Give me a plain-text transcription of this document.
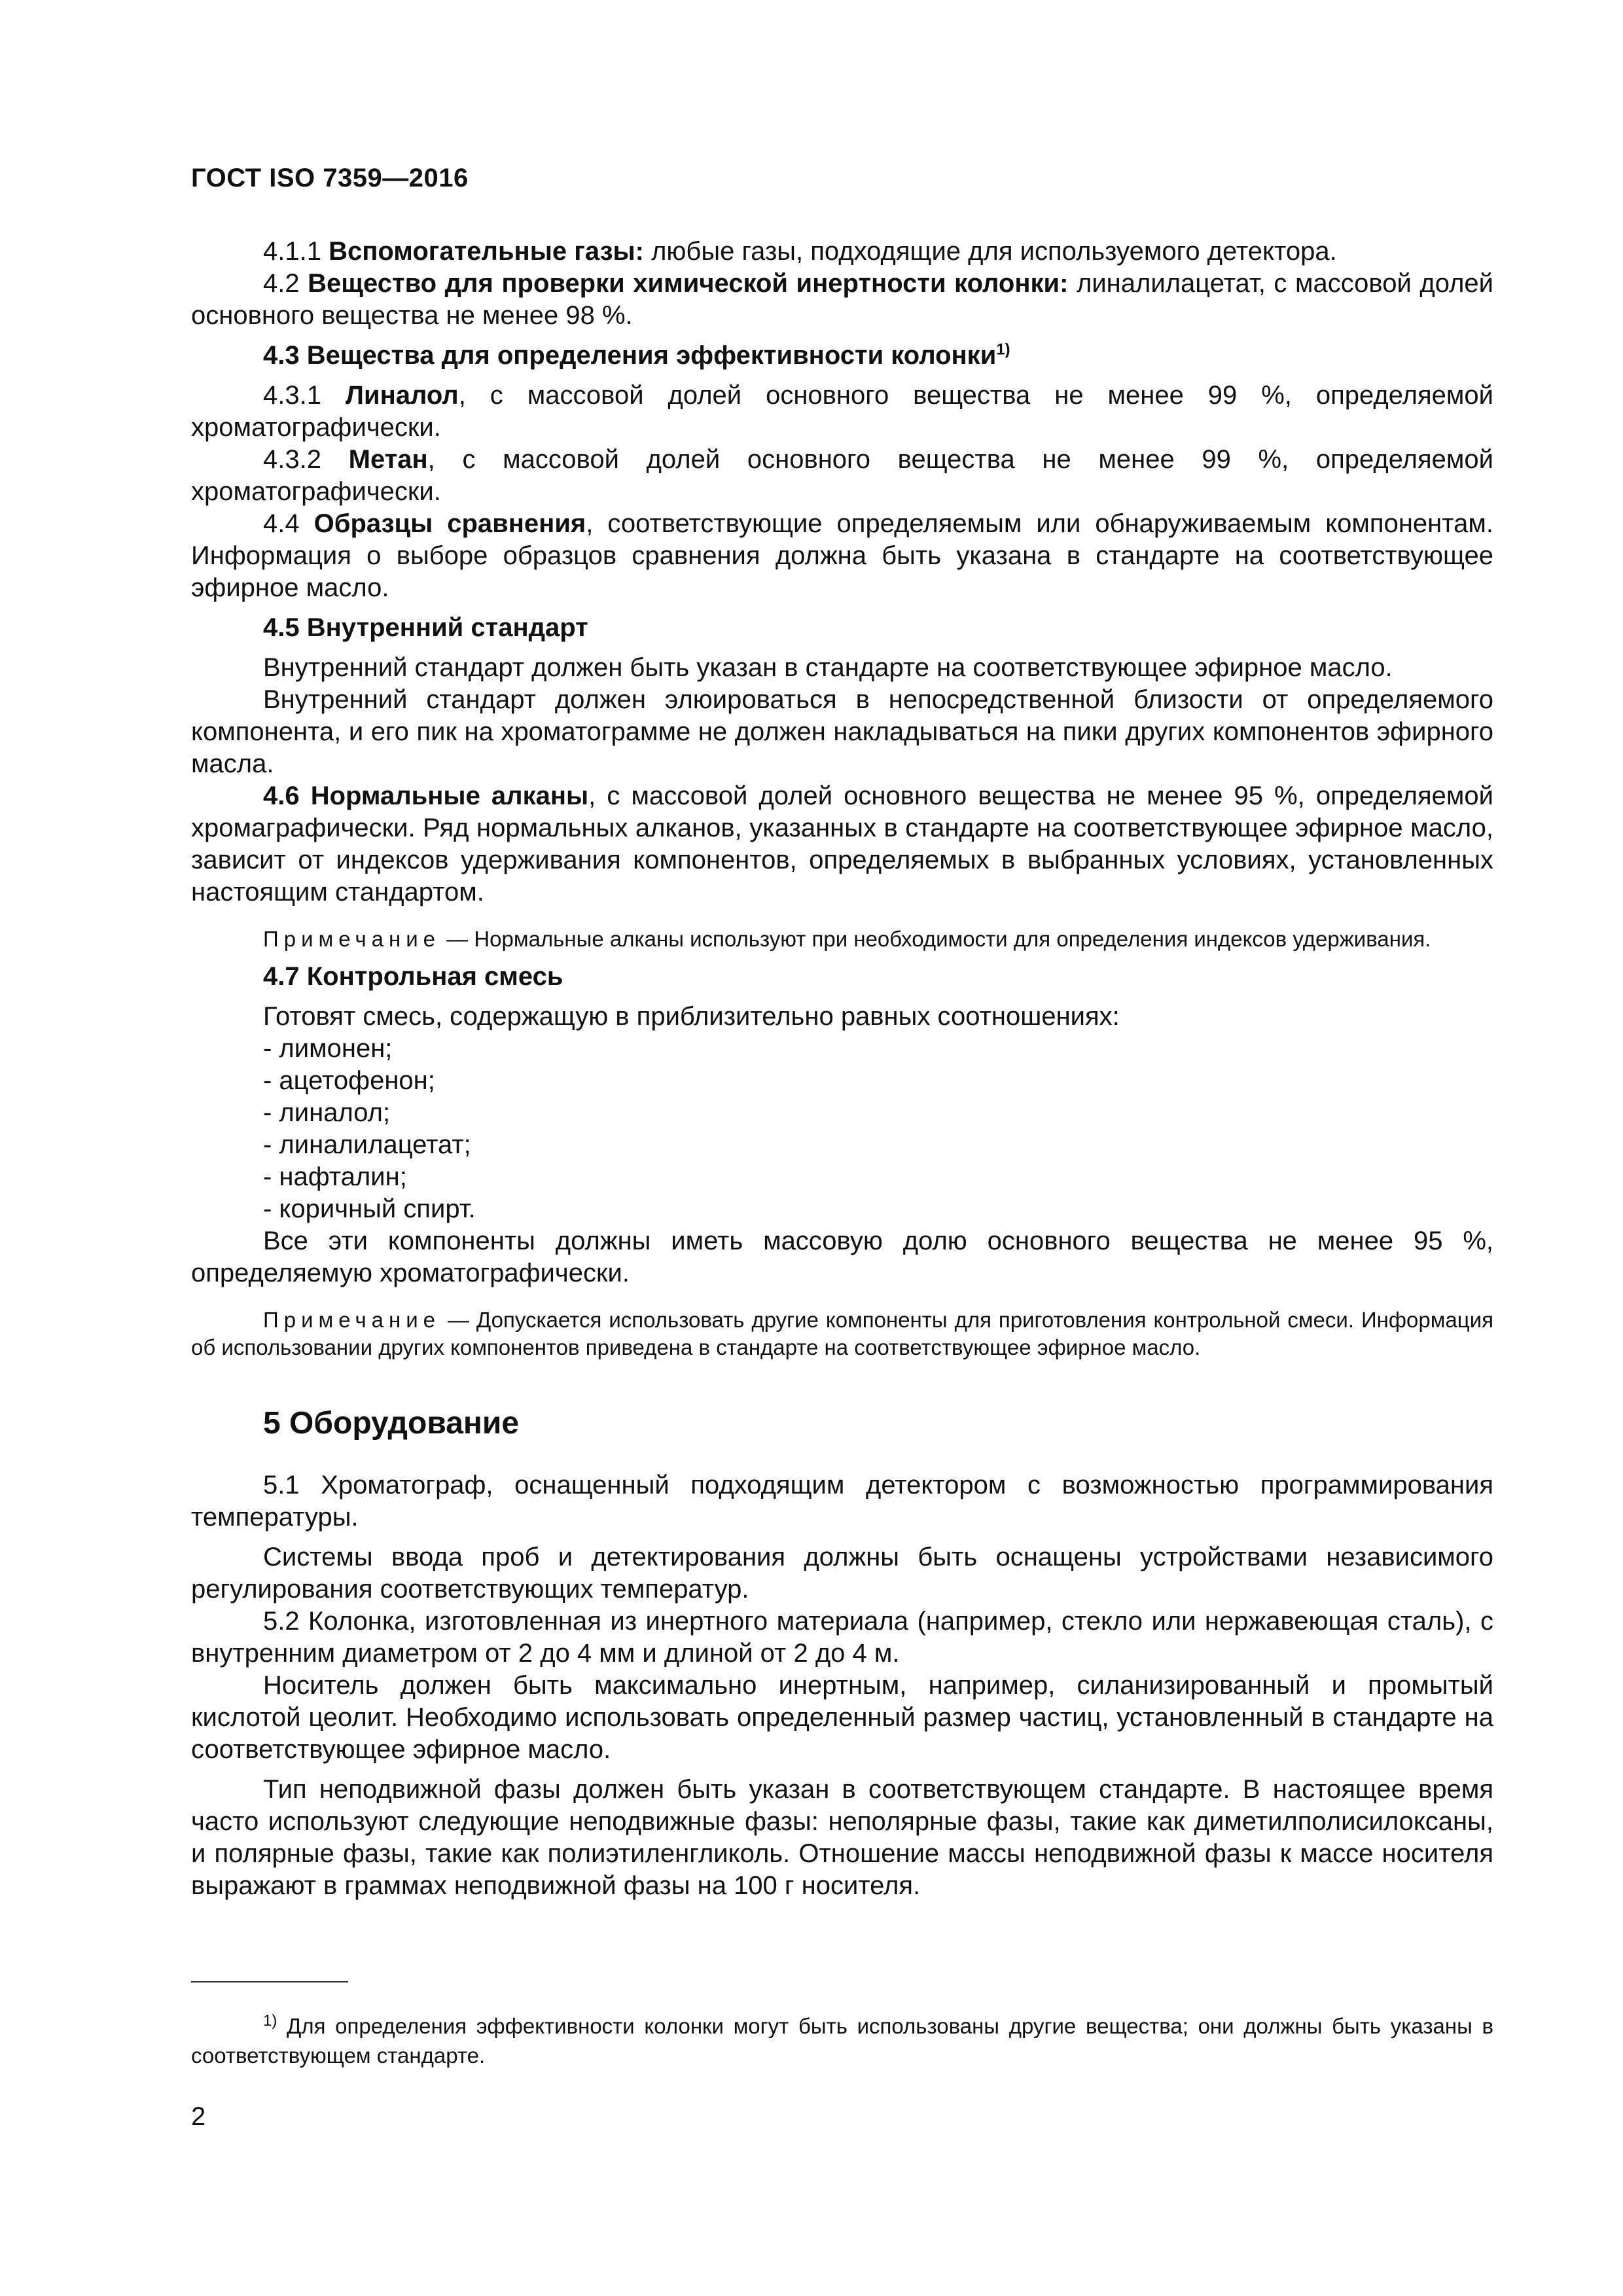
ГОСТ ISO 7359—2016

4.1.1 Вспомогательные газы: любые газы, подходящие для используемого детектора.

4.2 Вещество для проверки химической инертности колонки: линалилацетат, с массовой долей основного вещества не менее 98 %.

4.3 Вещества для определения эффективности колонки$^{1)}$

4.3.1 Линалол, с массовой долей основного вещества не менее 99 %, определяемой хроматографически.

4.3.2 Метан, с массовой долей основного вещества не менее 99 %, определяемой хроматографически.

4.4 Образцы сравнения, соответствующие определяемым или обнаруживаемым компонентам. Информация о выборе образцов сравнения должна быть указана в стандарте на соответствующее эфирное масло.

4.5 Внутренний стандарт

Внутренний стандарт должен быть указан в стандарте на соответствующее эфирное масло.

Внутренний стандарт должен элюироваться в непосредственной близости от определяемого компонента, и его пик на хроматограмме не должен накладываться на пики других компонентов эфирного масла.

4.6 Нормальные алканы, с массовой долей основного вещества не менее 95 %, определяемой хромаграфически. Ряд нормальных алканов, указанных в стандарте на соответствующее эфирное масло, зависит от индексов удерживания компонентов, определяемых в выбранных условиях, установленных настоящим стандартом.

Примечание — Нормальные алканы используют при необходимости для определения индексов удерживания.

4.7 Контрольная смесь

Готовят смесь, содержащую в приблизительно равных соотношениях:

- лимонен;

- ацетофенон;

- линалол;

- линалилацетат;

- нафталин;

- коричный спирт.

Все эти компоненты должны иметь массовую долю основного вещества не менее 95 %, определяемую хроматографически.

Примечание — Допускается использовать другие компоненты для приготовления контрольной смеси. Информация об использовании других компонентов приведена в стандарте на соответствующее эфирное масло.

5 Оборудование

5.1 Хроматограф, оснащенный подходящим детектором с возможностью программирования температуры.

Системы ввода проб и детектирования должны быть оснащены устройствами независимого регулирования соответствующих температур.

5.2 Колонка, изготовленная из инертного материала (например, стекло или нержавеющая сталь), с внутренним диаметром от 2 до 4 мм и длиной от 2 до 4 м.

Носитель должен быть максимально инертным, например, силанизированный и промытый кислотой цеолит. Необходимо использовать определенный размер частиц, установленный в стандарте на соответствующее эфирное масло.

Тип неподвижной фазы должен быть указан в соответствующем стандарте. В настоящее время часто используют следующие неподвижные фазы: неполярные фазы, такие как диметилполисилоксаны, и полярные фазы, такие как полиэтиленгликоль. Отношение массы неподвижной фазы к массе носителя выражают в граммах неподвижной фазы на 100 г носителя.

$^{1)}$ Для определения эффективности колонки могут быть использованы другие вещества; они должны быть указаны в соответствующем стандарте.

2
